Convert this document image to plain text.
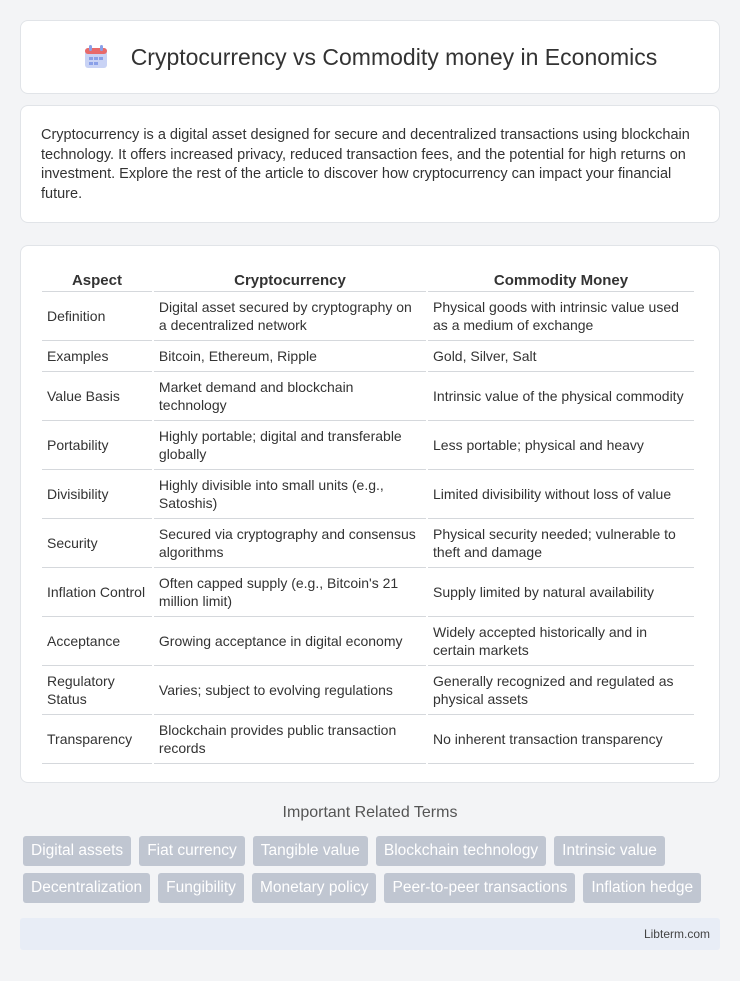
Cryptocurrency vs Commodity money in Economics

Cryptocurrency is a digital asset designed for secure and decentralized transactions using blockchain technology. It offers increased privacy, reduced transaction fees, and the potential for high returns on investment. Explore the rest of the article to discover how cryptocurrency can impact your financial future.

Aspect	Cryptocurrency	Commodity Money
Definition	Digital asset secured by cryptography on a decentralized network	Physical goods with intrinsic value used as a medium of exchange
Examples	Bitcoin, Ethereum, Ripple	Gold, Silver, Salt
Value Basis	Market demand and blockchain technology	Intrinsic value of the physical commodity
Portability	Highly portable; digital and transferable globally	Less portable; physical and heavy
Divisibility	Highly divisible into small units (e.g., Satoshis)	Limited divisibility without loss of value
Security	Secured via cryptography and consensus algorithms	Physical security needed; vulnerable to theft and damage
Inflation Control	Often capped supply (e.g., Bitcoin's 21 million limit)	Supply limited by natural availability
Acceptance	Growing acceptance in digital economy	Widely accepted historically and in certain markets
Regulatory Status	Varies; subject to evolving regulations	Generally recognized and regulated as physical assets
Transparency	Blockchain provides public transaction records	No inherent transaction transparency
Important Related Terms
Digital assets	Fiat currency	Tangible value	Blockchain technology	Intrinsic value
Decentralization	Fungibility	Monetary policy	Peer-to-peer transactions	Inflation hedge
Libterm.com
